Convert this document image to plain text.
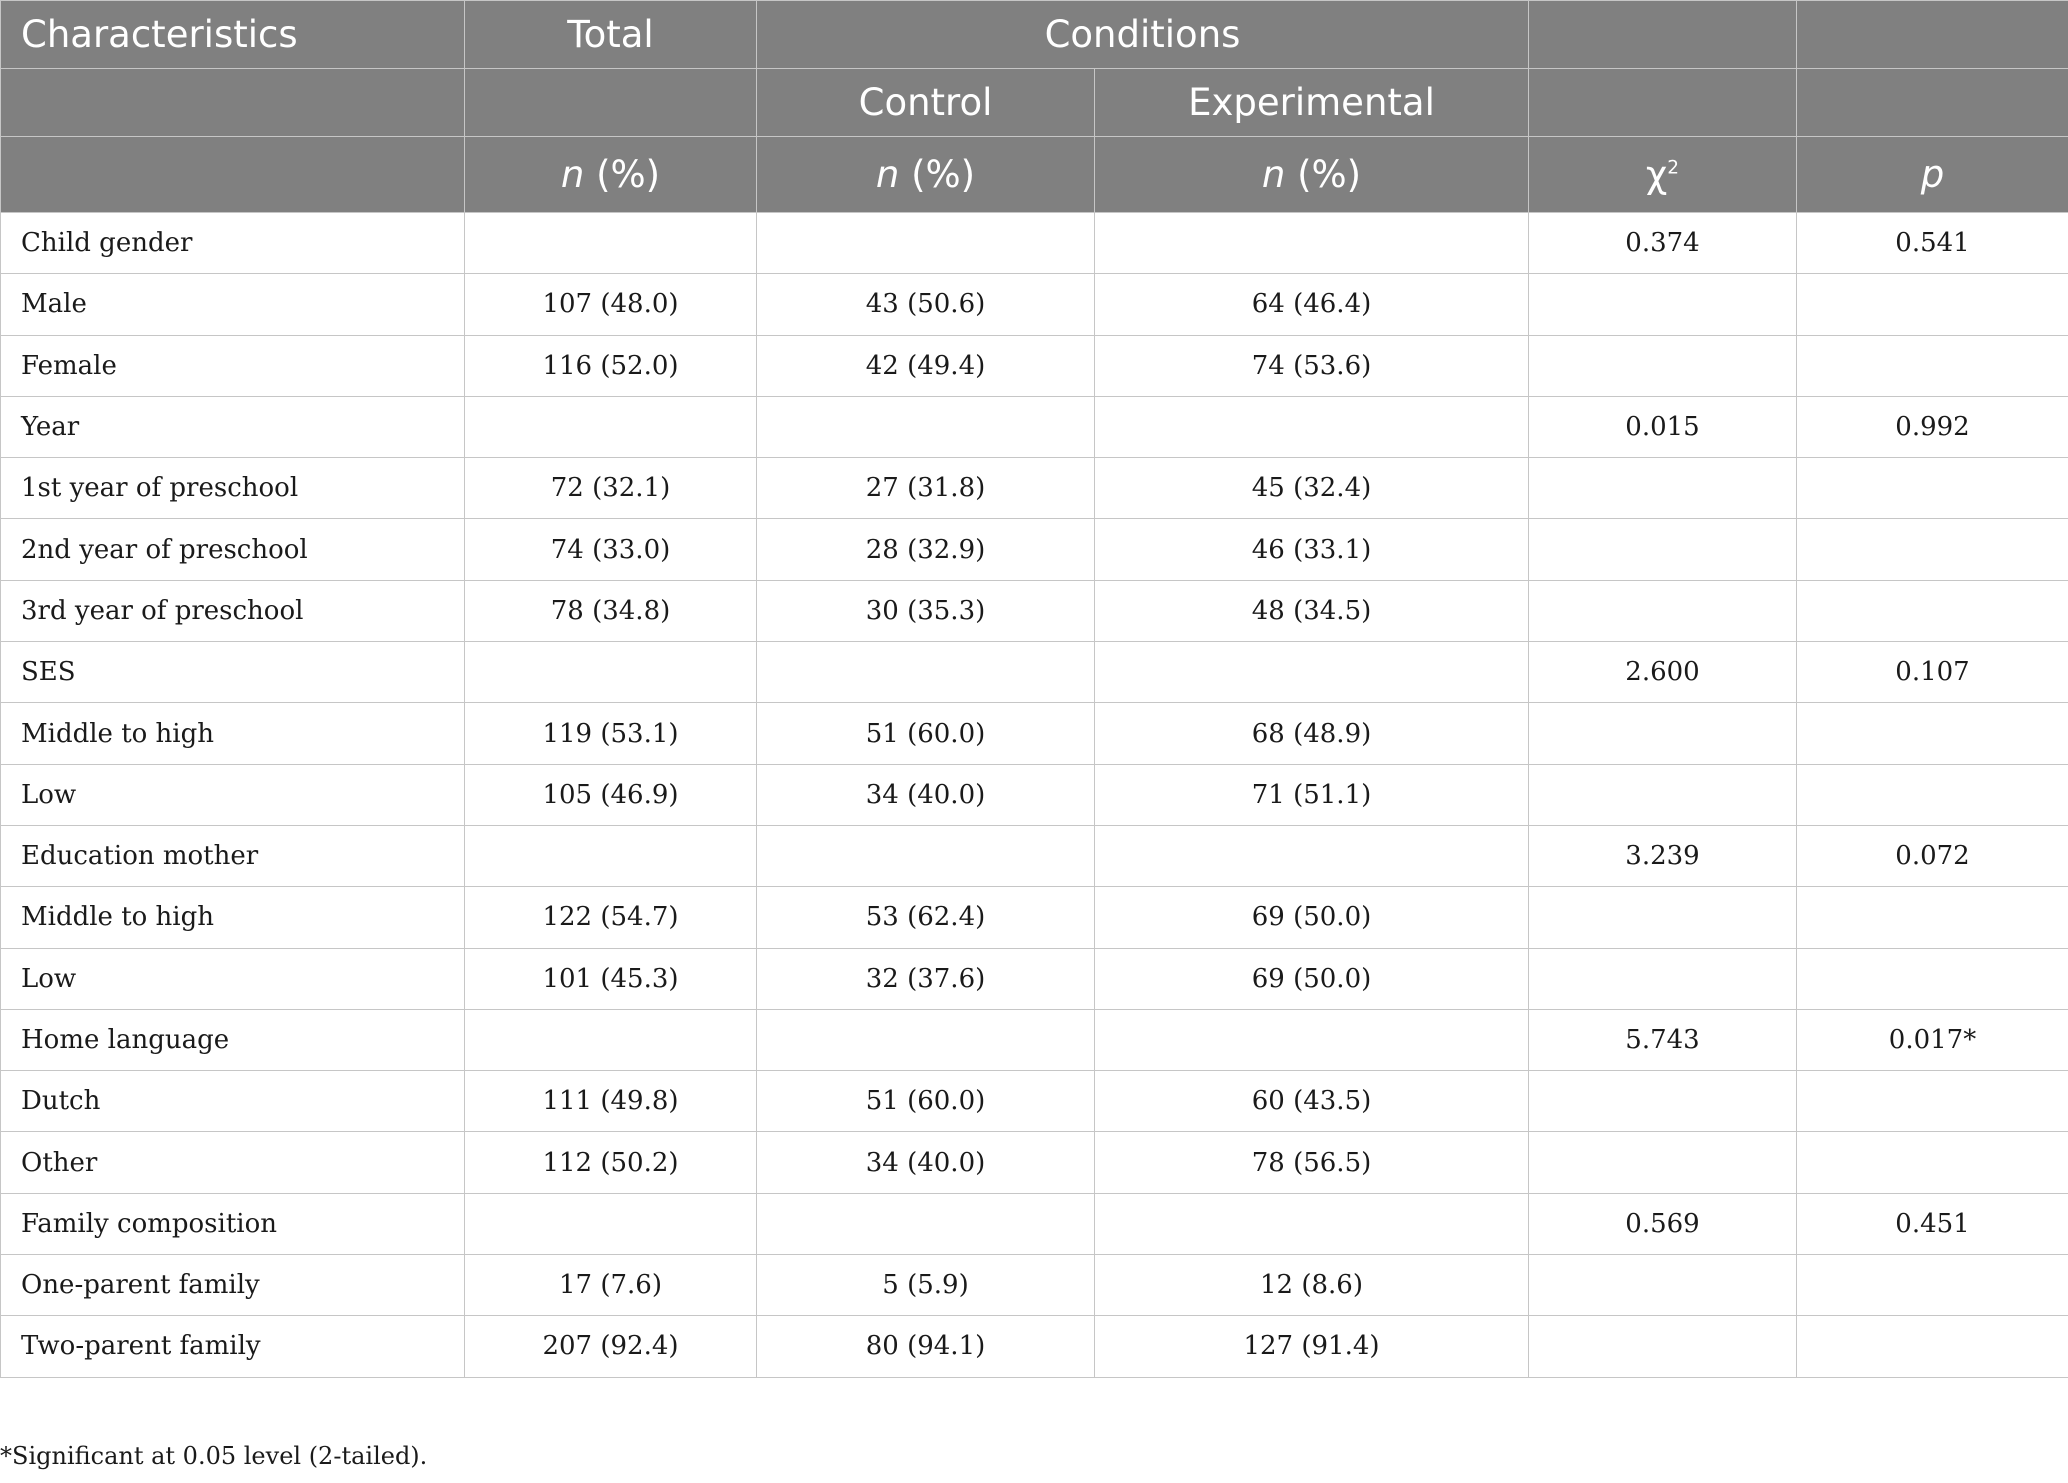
Characteristics	Total	Conditions			
		Control	Experimental		
	n (%)	n (%)	n (%)	$\chi^2$	p
Child gender				0.374	0.541
Male	107 (48.0)	43 (50.6)	64 (46.4)		
Female	116 (52.0)	42 (49.4)	74 (53.6)		
Year				0.015	0.992
1st year of preschool	72 (32.1)	27 (31.8)	45 (32.4)		
2nd year of preschool	74 (33.0)	28 (32.9)	46 (33.1)		
3rd year of preschool	78 (34.8)	30 (35.3)	48 (34.5)		
SES				2.600	0.107
Middle to high	119 (53.1)	51 (60.0)	68 (48.9)		
Low	105 (46.9)	34 (40.0)	71 (51.1)		
Education mother				3.239	0.072
Middle to high	122 (54.7)	53 (62.4)	69 (50.0)		
Low	101 (45.3)	32 (37.6)	69 (50.0)		
Home language				5.743	0.017*
Dutch	111 (49.8)	51 (60.0)	60 (43.5)		
Other	112 (50.2)	34 (40.0)	78 (56.5)		
Family composition				0.569	0.451
One-parent family	17 (7.6)	5 (5.9)	12 (8.6)		
Two-parent family	207 (92.4)	80 (94.1)	127 (91.4)		
*Significant at 0.05 level (2-tailed).
